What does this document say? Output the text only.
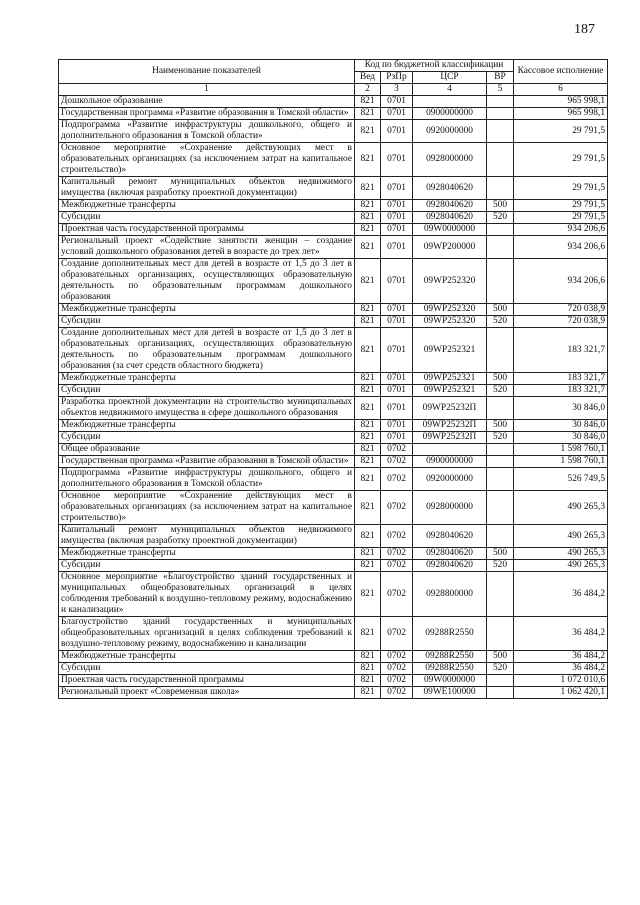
187
Наименование показателей	Код по бюджетной классификации				Кассовое исполнение
	Вед	РзПр	ЦСР	ВР	
1	2	3	4	5	6
Дошкольное образование	821	0701			965 998,1
Государственная программа «Развитие образования в Томской области»	821	0701	0900000000		965 998,1
Подпрограмма «Развитие инфраструктуры дошкольного, общего и дополнительного образования в Томской области»	821	0701	0920000000		29 791,5
Основное мероприятие «Сохранение действующих мест в образовательных организациях (за исключением затрат на капитальное строительство)»	821	0701	0928000000		29 791,5
Капитальный ремонт муниципальных объектов недвижимого имущества (включая разработку проектной документации)	821	0701	0928040620		29 791,5
Межбюджетные трансферты	821	0701	0928040620	500	29 791,5
Субсидии	821	0701	0928040620	520	29 791,5
Проектная часть государственной программы	821	0701	09W0000000		934 206,6
Региональный проект «Содействие занятости женщин – создание условий дошкольного образования детей в возрасте до трех лет»	821	0701	09WP200000		934 206,6
Создание дополнительных мест для детей в возрасте от 1,5 до 3 лет в образовательных организациях, осуществляющих образовательную деятельность по образовательным программам дошкольного образования	821	0701	09WP252320		934 206,6
Межбюджетные трансферты	821	0701	09WP252320	500	720 038,9
Субсидии	821	0701	09WP252320	520	720 038,9
Создание дополнительных мест для детей в возрасте от 1,5 до 3 лет в образовательных организациях, осуществляющих образовательную деятельность по образовательным программам дошкольного образования (за счет средств областного бюджета)	821	0701	09WP252321		183 321,7
Межбюджетные трансферты	821	0701	09WP252321	500	183 321,7
Субсидии	821	0701	09WP252321	520	183 321,7
Разработка проектной документации на строительство муниципальных объектов недвижимого имущества в сфере дошкольного образования	821	0701	09WP25232П		30 846,0
Межбюджетные трансферты	821	0701	09WP25232П	500	30 846,0
Субсидии	821	0701	09WP25232П	520	30 846,0
Общее образование	821	0702			1 598 760,1
Государственная программа «Развитие образования в Томской области»	821	0702	0900000000		1 598 760,1
Подпрограмма «Развитие инфраструктуры дошкольного, общего и дополнительного образования в Томской области»	821	0702	0920000000		526 749,5
Основное мероприятие «Сохранение действующих мест в образовательных организациях (за исключением затрат на капитальное строительство)»	821	0702	0928000000		490 265,3
Капитальный ремонт муниципальных объектов недвижимого имущества (включая разработку проектной документации)	821	0702	0928040620		490 265,3
Межбюджетные трансферты	821	0702	0928040620	500	490 265,3
Субсидии	821	0702	0928040620	520	490 265,3
Основное мероприятие «Благоустройство зданий государственных и муниципальных общеобразовательных организаций в целях соблюдения требований к воздушно-тепловому режиму, водоснабжению и канализации»	821	0702	0928800000		36 484,2
Благоустройство зданий государственных и муниципальных общеобразовательных организаций в целях соблюдения требований к воздушно-тепловому режиму, водоснабжению и канализации	821	0702	09288R2550		36 484,2
Межбюджетные трансферты	821	0702	09288R2550	500	36 484,2
Субсидии	821	0702	09288R2550	520	36 484,2
Проектная часть государственной программы	821	0702	09W0000000		1 072 010,6
Региональный проект «Современная школа»	821	0702	09WE100000		1 062 420,1
